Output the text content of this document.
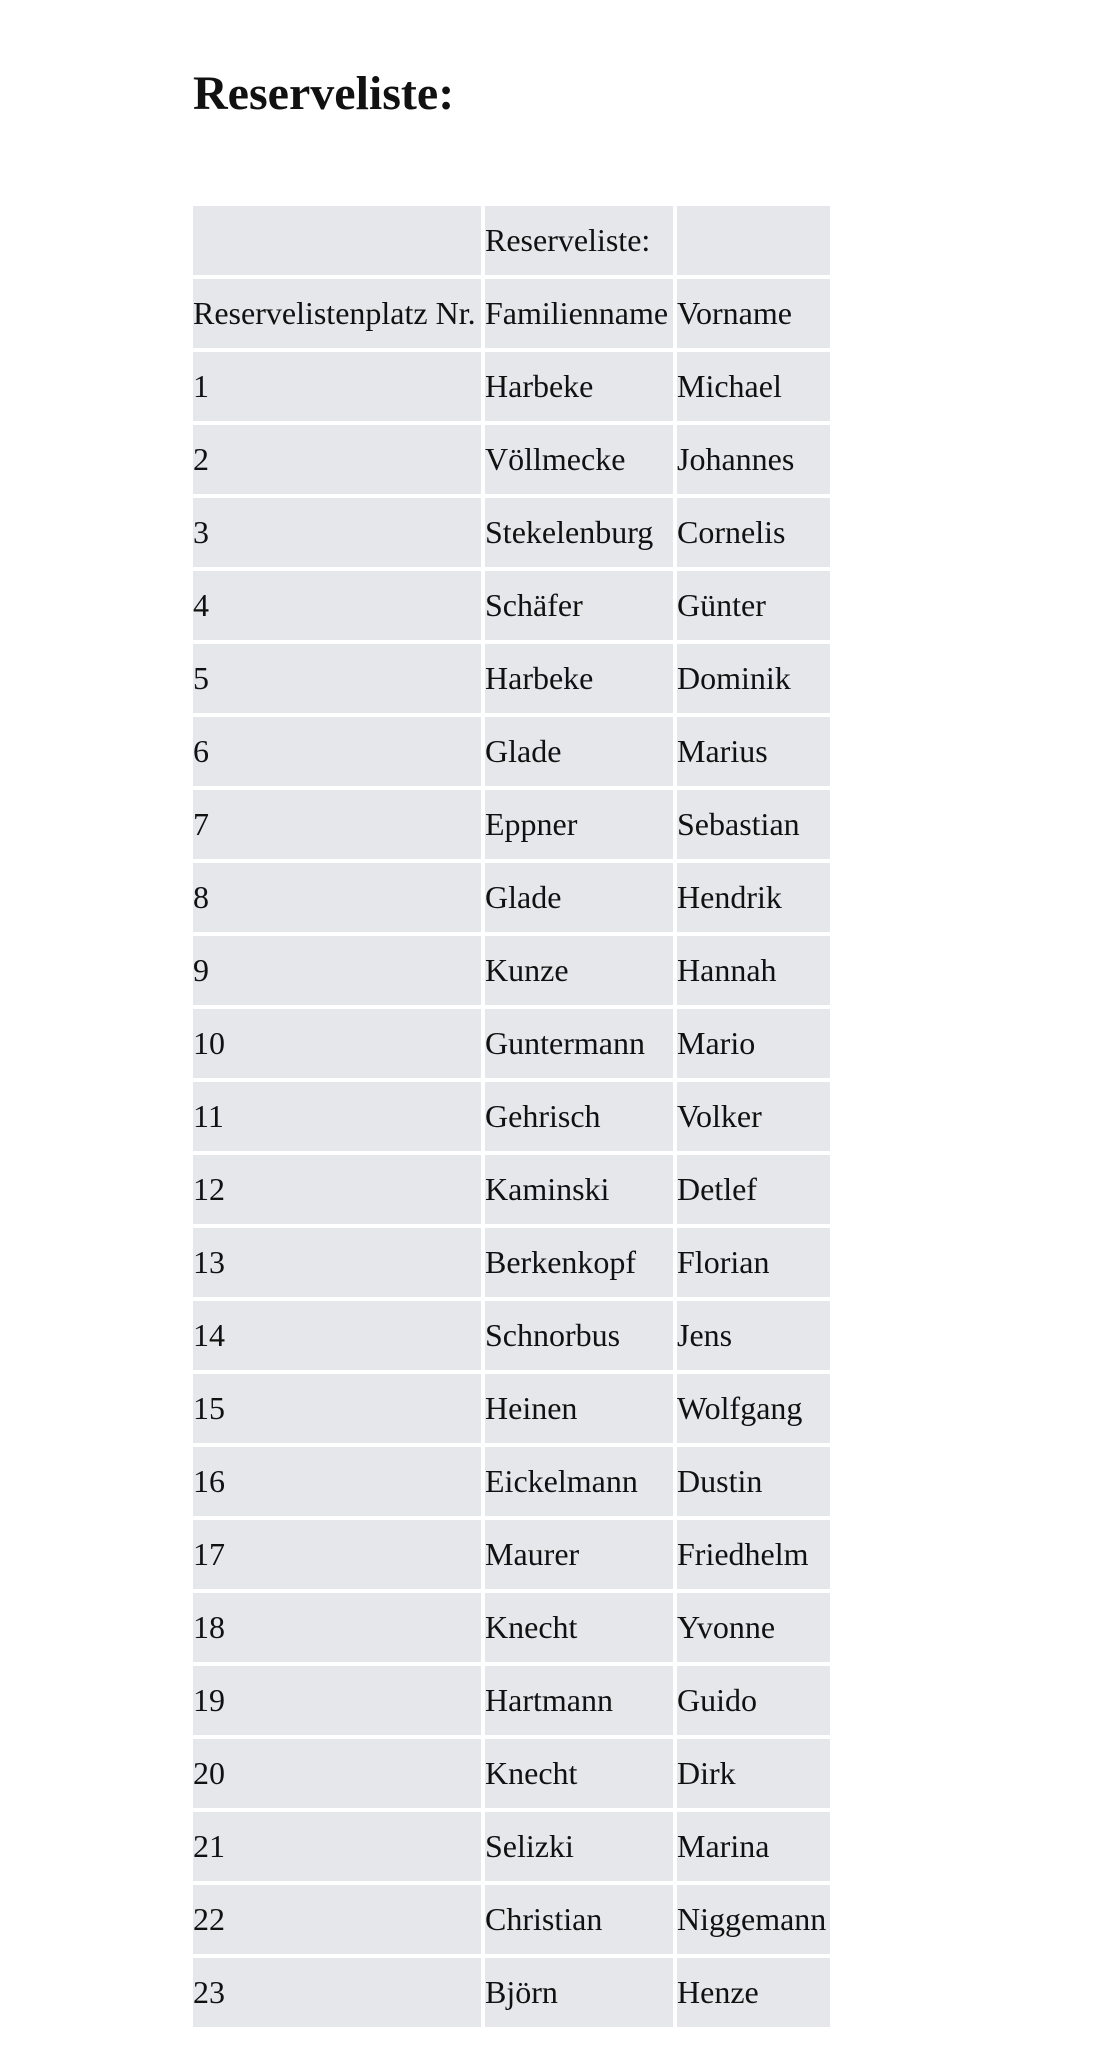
Reserveliste:
	Reserveliste:	
Reservelistenplatz Nr.	Familienname	Vorname
1	Harbeke	Michael
2	Völlmecke	Johannes
3	Stekelenburg	Cornelis
4	Schäfer	Günter
5	Harbeke	Dominik
6	Glade	Marius
7	Eppner	Sebastian
8	Glade	Hendrik
9	Kunze	Hannah
10	Guntermann	Mario
11	Gehrisch	Volker
12	Kaminski	Detlef
13	Berkenkopf	Florian
14	Schnorbus	Jens
15	Heinen	Wolfgang
16	Eickelmann	Dustin
17	Maurer	Friedhelm
18	Knecht	Yvonne
19	Hartmann	Guido
20	Knecht	Dirk
21	Selizki	Marina
22	Christian	Niggemann
23	Björn	Henze
